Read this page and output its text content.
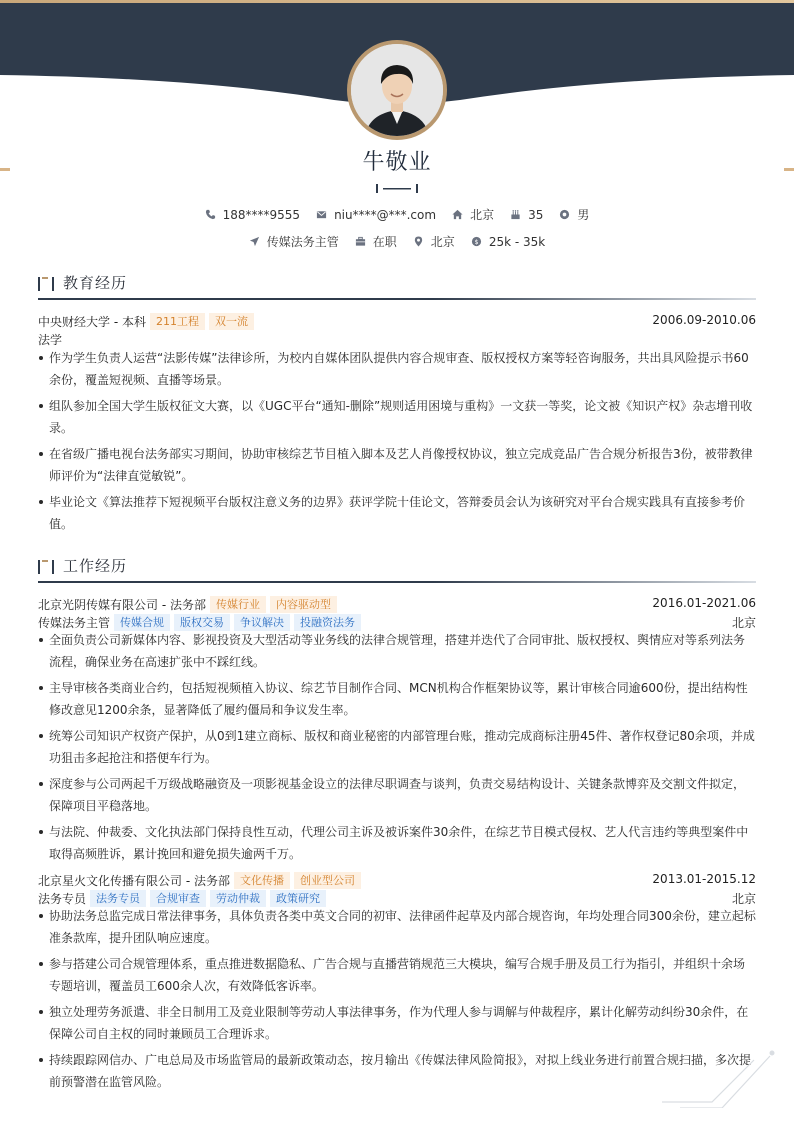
牛敬业
188****9555	niu****@***.com	北京	35	男
传媒法务主管	在职	北京	$ 25k - 35k
教育经历
中央财经大学 - 本科 211工程	双一流	2006.09-2010.06
法学
作为学生负责人运营“法影传媒”法律诊所，为校内自媒体团队提供内容合规审查、版权授权方案等轻咨询服务，共出具风险提示书60余份，覆盖短视频、直播等场景。
组队参加全国大学生版权征文大赛，以《UGC平台“通知-删除”规则适用困境与重构》一文获一等奖，论文被《知识产权》杂志增刊收录。
在省级广播电视台法务部实习期间，协助审核综艺节目植入脚本及艺人肖像授权协议，独立完成竞品广告合规分析报告3份，被带教律师评价为“法律直觉敏锐”。
毕业论文《算法推荐下短视频平台版权注意义务的边界》获评学院十佳论文，答辩委员会认为该研究对平台合规实践具有直接参考价值。
工作经历
北京光阴传媒有限公司 - 法务部 传媒行业	内容驱动型	2016.01-2021.06
传媒法务主管 传媒合规	版权交易	争议解决	投融资法务	北京
全面负责公司新媒体内容、影视投资及大型活动等业务线的法律合规管理，搭建并迭代了合同审批、版权授权、舆情应对等系列法务流程，确保业务在高速扩张中不踩红线。
主导审核各类商业合约，包括短视频植入协议、综艺节目制作合同、MCN机构合作框架协议等，累计审核合同逾600份，提出结构性修改意见1200余条，显著降低了履约僵局和争议发生率。
统筹公司知识产权资产保护，从0到1建立商标、版权和商业秘密的内部管理台账，推动完成商标注册45件、著作权登记80余项，并成功狙击多起抢注和搭便车行为。
深度参与公司两起千万级战略融资及一项影视基金设立的法律尽职调查与谈判，负责交易结构设计、关键条款博弈及交割文件拟定，保障项目平稳落地。
与法院、仲裁委、文化执法部门保持良性互动，代理公司主诉及被诉案件30余件，在综艺节目模式侵权、艺人代言违约等典型案件中取得高频胜诉，累计挽回和避免损失逾两千万。
北京星火文化传播有限公司 - 法务部 文化传播	创业型公司	2013.01-2015.12
法务专员 法务专员	合规审查	劳动仲裁	政策研究	北京
协助法务总监完成日常法律事务，具体负责各类中英文合同的初审、法律函件起草及内部合规咨询，年均处理合同300余份，建立起标准条款库，提升团队响应速度。
参与搭建公司合规管理体系，重点推进数据隐私、广告合规与直播营销规范三大模块，编写合规手册及员工行为指引，并组织十余场专题培训，覆盖员工600余人次，有效降低客诉率。
独立处理劳务派遣、非全日制用工及竞业限制等劳动人事法律事务，作为代理人参与调解与仲裁程序，累计化解劳动纠纷30余件，在保障公司自主权的同时兼顾员工合理诉求。
持续跟踪网信办、广电总局及市场监管局的最新政策动态，按月输出《传媒法律风险简报》，对拟上线业务进行前置合规扫描，多次提前预警潜在监管风险。
